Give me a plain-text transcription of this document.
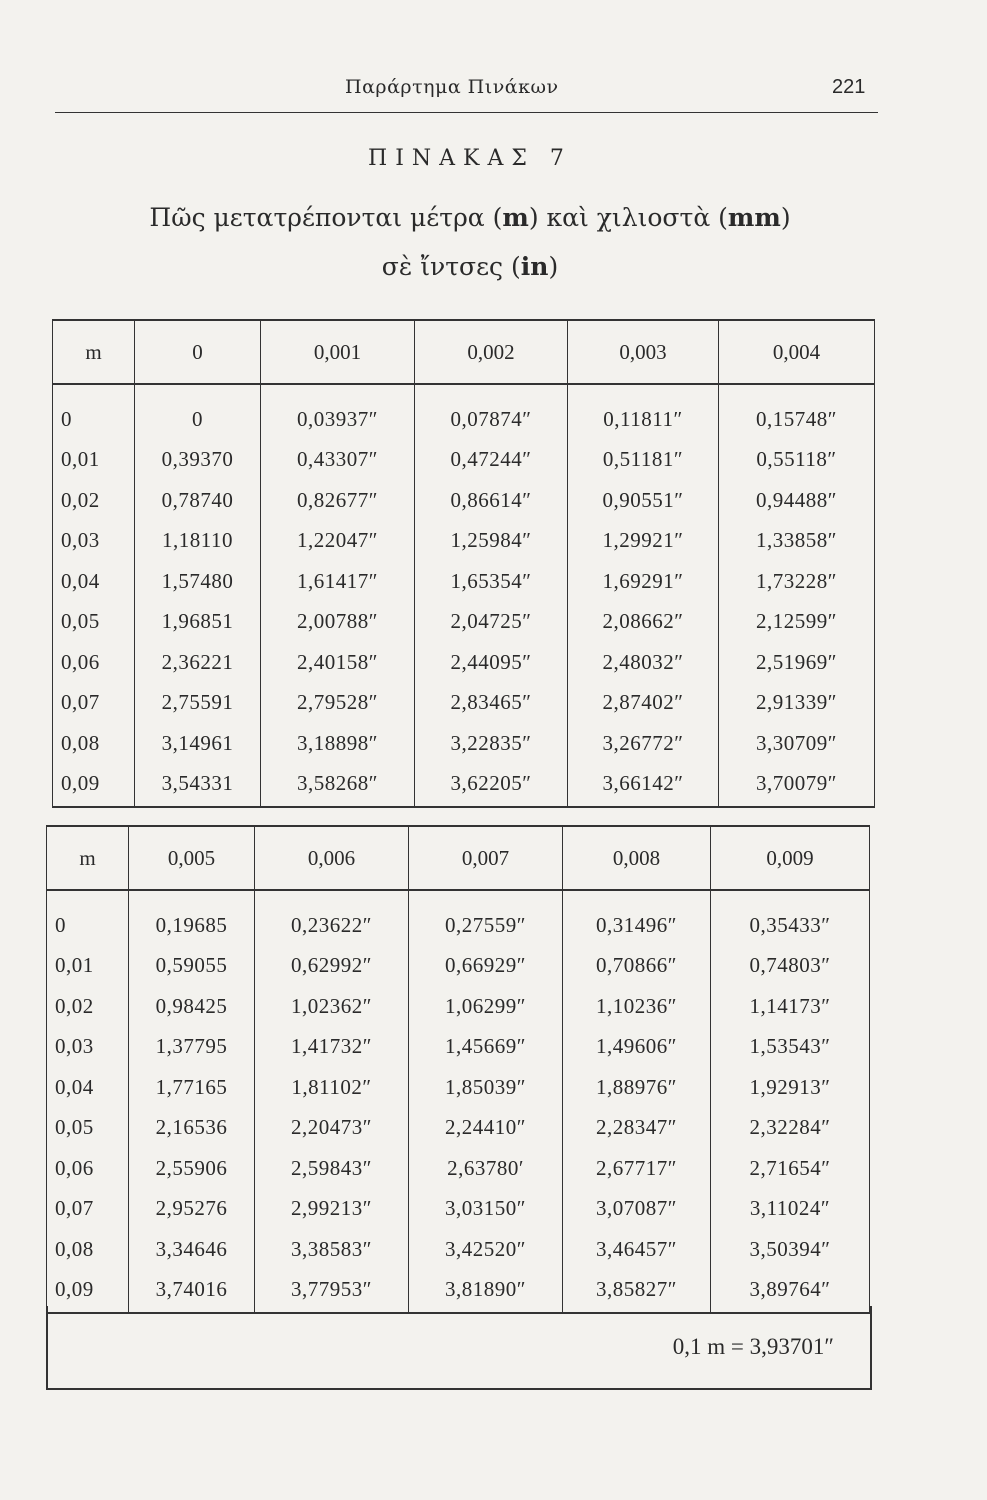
Παράρτημα Πινάκων	221
ΠΙΝΑΚΑΣ 7
Πῶς μετατρέπονται μέτρα (m) καὶ χιλιοστὰ (mm)
σὲ ἴντσες (in)
m	0	0,001	0,002	0,003	0,004
0	0	0,03937″	0,07874″	0,11811″	0,15748″
0,01	0,39370	0,43307″	0,47244″	0,51181″	0,55118″
0,02	0,78740	0,82677″	0,86614″	0,90551″	0,94488″
0,03	1,18110	1,22047″	1,25984″	1,29921″	1,33858″
0,04	1,57480	1,61417″	1,65354″	1,69291″	1,73228″
0,05	1,96851	2,00788″	2,04725″	2,08662″	2,12599″
0,06	2,36221	2,40158″	2,44095″	2,48032″	2,51969″
0,07	2,75591	2,79528″	2,83465″	2,87402″	2,91339″
0,08	3,14961	3,18898″	3,22835″	3,26772″	3,30709″
0,09	3,54331	3,58268″	3,62205″	3,66142″	3,70079″
m	0,005	0,006	0,007	0,008	0,009
0	0,19685	0,23622″	0,27559″	0,31496″	0,35433″
0,01	0,59055	0,62992″	0,66929″	0,70866″	0,74803″
0,02	0,98425	1,02362″	1,06299″	1,10236″	1,14173″
0,03	1,37795	1,41732″	1,45669″	1,49606″	1,53543″
0,04	1,77165	1,81102″	1,85039″	1,88976″	1,92913″
0,05	2,16536	2,20473″	2,24410″	2,28347″	2,32284″
0,06	2,55906	2,59843″	2,63780′	2,67717″	2,71654″
0,07	2,95276	2,99213″	3,03150″	3,07087″	3,11024″
0,08	3,34646	3,38583″	3,42520″	3,46457″	3,50394″
0,09	3,74016	3,77953″	3,81890″	3,85827″	3,89764″
0,1 m = 3,93701″
